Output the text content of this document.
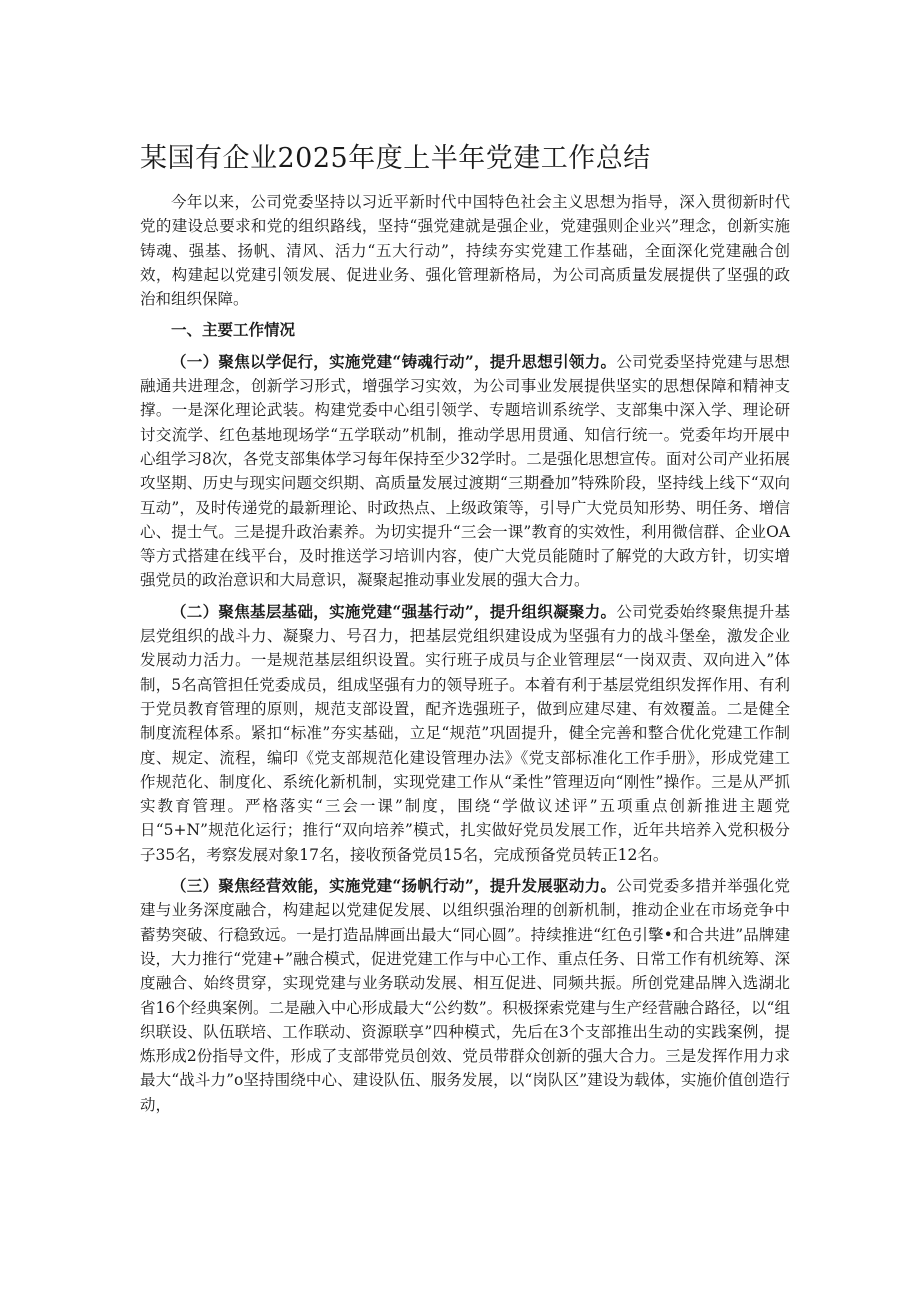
某国有企业2025年度上半年党建工作总结

今年以来，公司党委坚持以习近平新时代中国特色社会主义思想为指导，深入贯彻新时代党的建设总要求和党的组织路线，坚持“强党建就是强企业，党建强则企业兴”理念，创新实施铸魂、强基、扬帆、清风、活力“五大行动”，持续夯实党建工作基础，全面深化党建融合创效，构建起以党建引领发展、促进业务、强化管理新格局，为公司高质量发展提供了坚强的政治和组织保障。

一、主要工作情况

（一）聚焦以学促行，实施党建“铸魂行动”，提升思想引领力。公司党委坚持党建与思想融通共进理念，创新学习形式，增强学习实效，为公司事业发展提供坚实的思想保障和精神支撑。一是深化理论武装。构建党委中心组引领学、专题培训系统学、支部集中深入学、理论研讨交流学、红色基地现场学“五学联动”机制，推动学思用贯通、知信行统一。党委年均开展中心组学习8次，各党支部集体学习每年保持至少32学时。二是强化思想宣传。面对公司产业拓展攻坚期、历史与现实问题交织期、高质量发展过渡期“三期叠加”特殊阶段，坚持线上线下“双向互动”，及时传递党的最新理论、时政热点、上级政策等，引导广大党员知形势、明任务、增信心、提士气。三是提升政治素养。为切实提升“三会一课”教育的实效性，利用微信群、企业OA等方式搭建在线平台，及时推送学习培训内容，使广大党员能随时了解党的大政方针，切实增强党员的政治意识和大局意识，凝聚起推动事业发展的强大合力。

（二）聚焦基层基础，实施党建“强基行动”，提升组织凝聚力。公司党委始终聚焦提升基层党组织的战斗力、凝聚力、号召力，把基层党组织建设成为坚强有力的战斗堡垒，激发企业发展动力活力。一是规范基层组织设置。实行班子成员与企业管理层“一岗双责、双向进入”体制，5名高管担任党委成员，组成坚强有力的领导班子。本着有利于基层党组织发挥作用、有利于党员教育管理的原则，规范支部设置，配齐选强班子，做到应建尽建、有效覆盖。二是健全制度流程体系。紧扣“标准”夯实基础，立足“规范”巩固提升，健全完善和整合优化党建工作制度、规定、流程，编印《党支部规范化建设管理办法》《党支部标准化工作手册》，形成党建工作规范化、制度化、系统化新机制，实现党建工作从“柔性”管理迈向“刚性”操作。三是从严抓实教育管理。严格落实“三会一课”制度，围绕“学做议述评”五项重点创新推进主题党日“5+N”规范化运行；推行“双向培养”模式，扎实做好党员发展工作，近年共培养入党积极分子35名，考察发展对象17名，接收预备党员15名，完成预备党员转正12名。

（三）聚焦经营效能，实施党建“扬帆行动”，提升发展驱动力。公司党委多措并举强化党建与业务深度融合，构建起以党建促发展、以组织强治理的创新机制，推动企业在市场竞争中蓄势突破、行稳致远。一是打造品牌画出最大“同心圆”。持续推进“红色引擎•和合共进”品牌建设，大力推行“党建+”融合模式，促进党建工作与中心工作、重点任务、日常工作有机统筹、深度融合、始终贯穿，实现党建与业务联动发展、相互促进、同频共振。所创党建品牌入选湖北省16个经典案例。二是融入中心形成最大“公约数”。积极探索党建与生产经营融合路径，以“组织联设、队伍联培、工作联动、资源联享”四种模式，先后在3个支部推出生动的实践案例，提炼形成2份指导文件，形成了支部带党员创效、党员带群众创新的强大合力。三是发挥作用力求最大“战斗力”o坚持围绕中心、建设队伍、服务发展，以“岗队区”建设为载体，实施价值创造行动，
